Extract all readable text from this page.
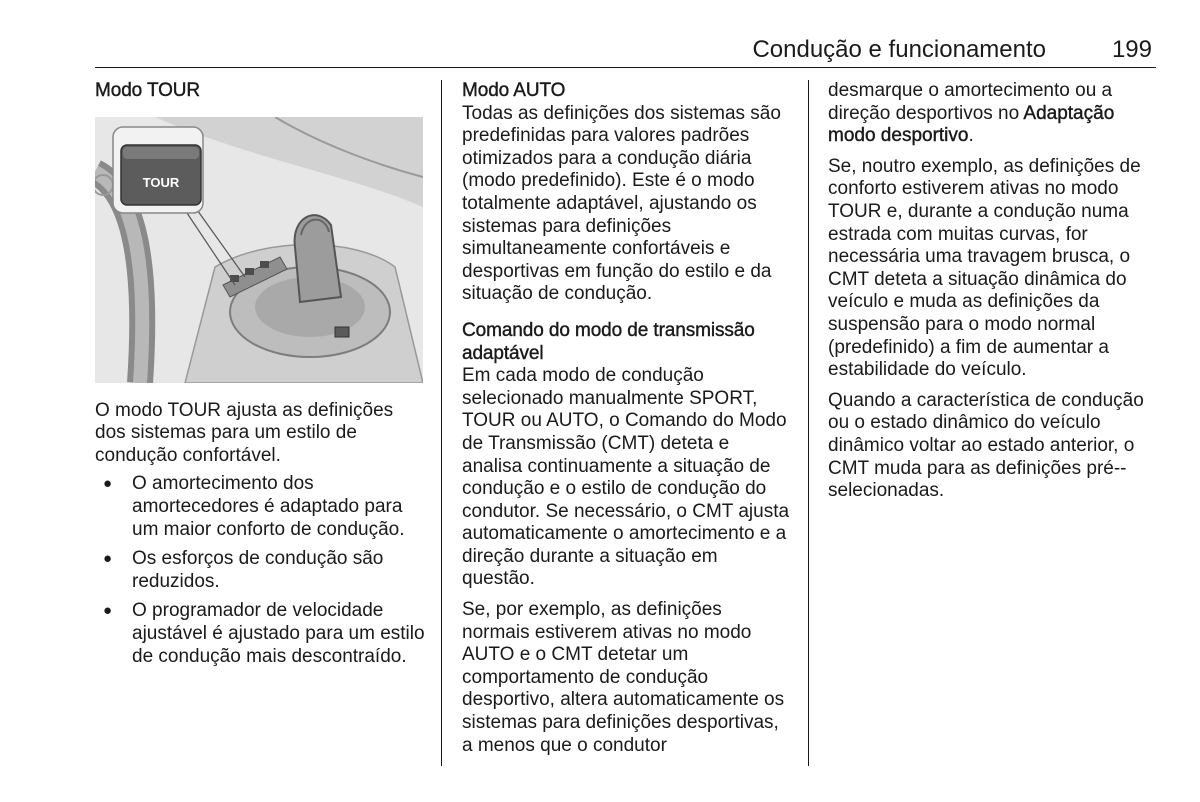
Condução e funcionamento	199

Modo TOUR

TOUR

O modo TOUR ajusta as definições dos sistemas para um estilo de condução confortável.

● O amortecimento dos amortecedores é adaptado para um maior conforto de condução.
● Os esforços de condução são reduzidos.
● O programador de velocidade ajustável é ajustado para um estilo de condução mais descontraído.

Modo AUTO

Todas as definições dos sistemas são predefinidas para valores padrões otimizados para a condução diária (modo predefinido). Este é o modo totalmente adaptável, ajustando os sistemas para definições simultaneamente confortáveis e desportivas em função do estilo e da situação de condução.

Comando do modo de transmissão adaptável

Em cada modo de condução selecionado manualmente SPORT, TOUR ou AUTO, o Comando do Modo de Transmissão (CMT) deteta e analisa continuamente a situação de condução e o estilo de condução do condutor. Se necessário, o CMT ajusta automaticamente o amortecimento e a direção durante a situação em questão.

Se, por exemplo, as definições normais estiverem ativas no modo AUTO e o CMT detetar um comportamento de condução desportivo, altera automaticamente os sistemas para definições desportivas, a menos que o condutor

desmarque o amortecimento ou a direção desportivos no Adaptação modo desportivo.

Se, noutro exemplo, as definições de conforto estiverem ativas no modo TOUR e, durante a condução numa estrada com muitas curvas, for necessária uma travagem brusca, o CMT deteta a situação dinâmica do veículo e muda as definições da suspensão para o modo normal (predefinido) a fim de aumentar a estabilidade do veículo.

Quando a característica de condução ou o estado dinâmico do veículo dinâmico voltar ao estado anterior, o CMT muda para as definições pré--selecionadas.
